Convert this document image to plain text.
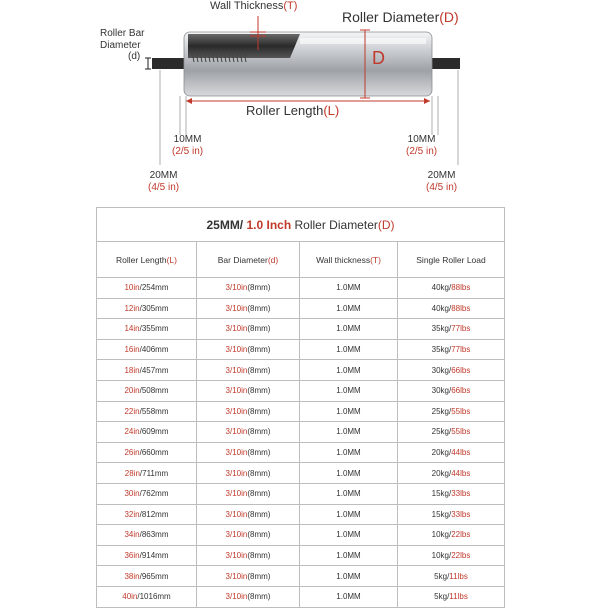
Wall Thickness(T)
Roller Diameter(D)
D
Roller Bar
Diameter
(d)
Roller Length(L)
10MM
(2/5 in)
20MM
(4/5 in)
10MM
(2/5 in)
20MM
(4/5 in)
25MM/ 1.0 Inch Roller Diameter(D)			
Roller Length(L)	Bar Diameter(d)	Wall thickness(T)	Single Roller Load
10in/254mm	3/10in(8mm)	1.0MM	40kg/88lbs
12in/305mm	3/10in(8mm)	1.0MM	40kg/88lbs
14in/355mm	3/10in(8mm)	1.0MM	35kg/77lbs
16in/406mm	3/10in(8mm)	1.0MM	35kg/77lbs
18in/457mm	3/10in(8mm)	1.0MM	30kg/66lbs
20in/508mm	3/10in(8mm)	1.0MM	30kg/66lbs
22in/558mm	3/10in(8mm)	1.0MM	25kg/55lbs
24in/609mm	3/10in(8mm)	1.0MM	25kg/55lbs
26in/660mm	3/10in(8mm)	1.0MM	20kg/44lbs
28in/711mm	3/10in(8mm)	1.0MM	20kg/44lbs
30in/762mm	3/10in(8mm)	1.0MM	15kg/33lbs
32in/812mm	3/10in(8mm)	1.0MM	15kg/33lbs
34in/863mm	3/10in(8mm)	1.0MM	10kg/22lbs
36in/914mm	3/10in(8mm)	1.0MM	10kg/22lbs
38in/965mm	3/10in(8mm)	1.0MM	5kg/11lbs
40in/1016mm	3/10in(8mm)	1.0MM	5kg/11lbs
